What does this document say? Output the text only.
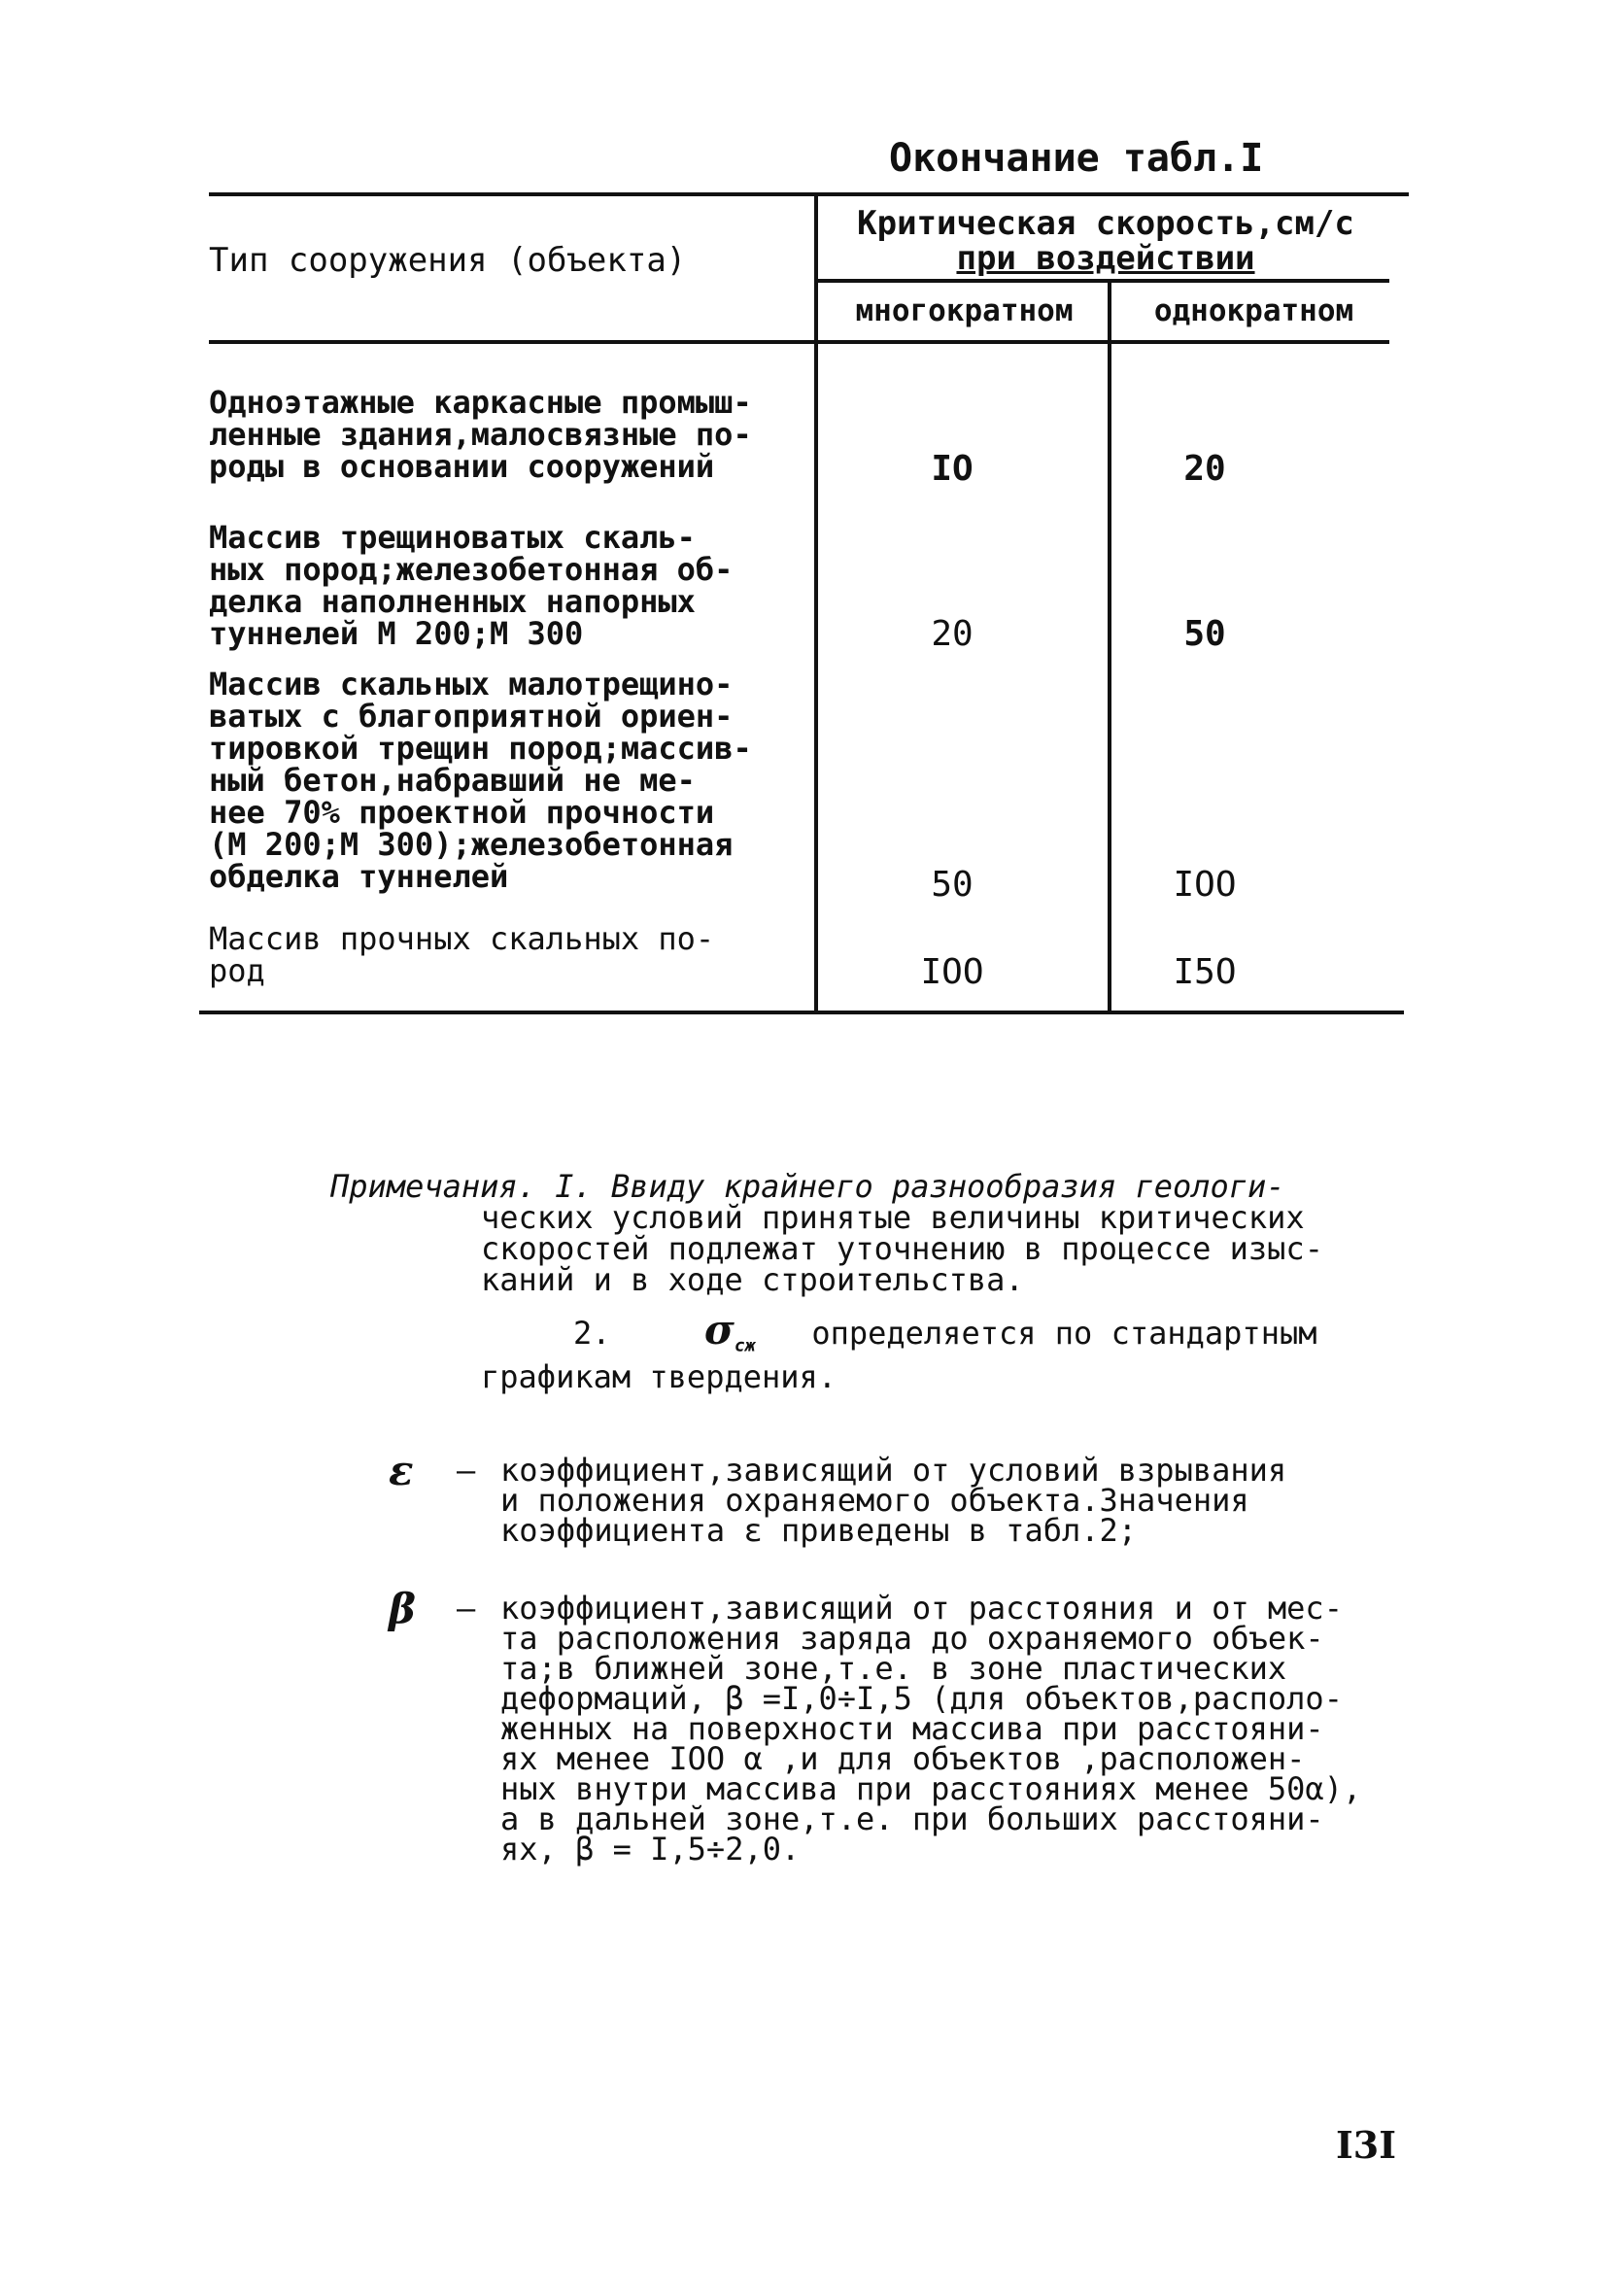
Окончание табл.I
Тип сооружения (объекта)
Критическая скорость,см/с
при воздействии
многократном	однократном
Одноэтажные каркасные промыш-
ленные здания,малосвязные по-
роды в основании сооружений	IO	20
Массив трещиноватых скаль-
ных пород;железобетонная об-
делка наполненных напорных
туннелей М 200;М 300	20	50
Массив скальных малотрещино-
ватых с благоприятной ориен-
тировкой трещин пород;массив-
ный бетон,набравший не ме-
нее 70% проектной прочности
(М 200;М 300);железобетонная
обделка туннелей	50	IOO
Массив прочных скальных по-
род	IOO	I5O
Примечания. I. Ввиду крайнего разнообразия геологи-
ческих условий принятые величины критических
скоростей подлежат уточнению в процессе изыс-
каний и в ходе строительства.
2. $\sigma_{сж}$ определяется по стандартным
графикам твердения.
ε	– коэффициент,зависящий от условий взрывания
и положения охраняемого объекта.Значения
коэффициента ε приведены в табл.2;
β	– коэффициент,зависящий от расстояния и от мес-
та расположения заряда до охраняемого объек-
та;в ближней зоне,т.е. в зоне пластических
деформаций, β =I,0÷I,5 (для объектов,располо-
женных на поверхности массива при расстояни-
ях менее IOO α ,и для объектов ,расположен-
ных внутри массива при расстояниях менее 50α),
а в дальней зоне,т.е. при больших расстояни-
ях, β = I,5÷2,0.
I3I
